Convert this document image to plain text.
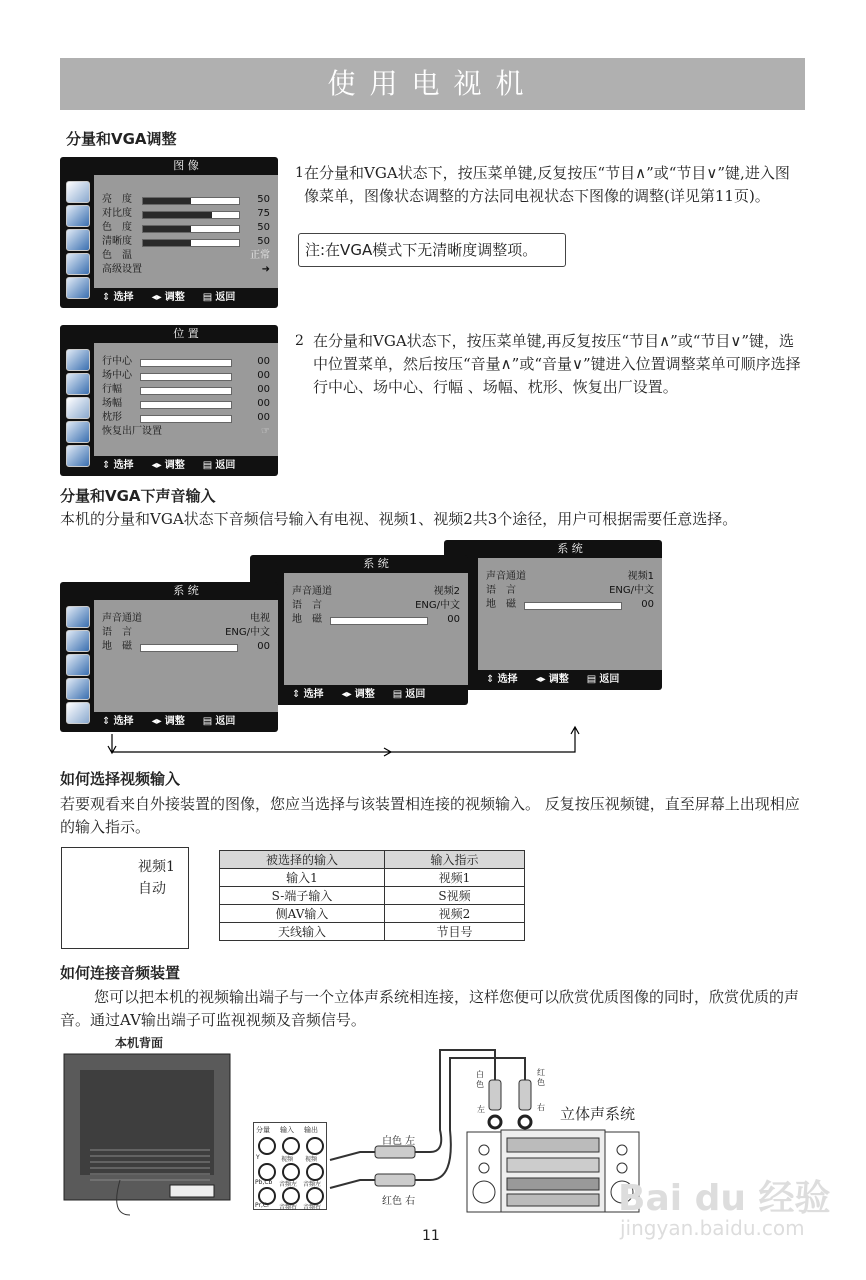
使用电视机
分量和VGA调整
图 像
亮　度	50
对比度	75
色　度	50
清晰度	50
色　温	正常
高级设置	➜
⇕ 选择 ◂▸ 调整 ▤ 返回
1 在分量和VGA状态下，按压菜单键,反复按压“节目∧”或“节目∨”键,进入图像菜单，图像状态调整的方法同电视状态下图像的调整(详见第11页)。
注:在VGA模式下无清晰度调整项。
位 置
行中心	00
场中心	00
行幅	00
场幅	00
枕形	00
恢复出厂设置	☞
⇕ 选择 ◂▸ 调整 ▤ 返回
2 在分量和VGA状态下，按压菜单键,再反复按压“节目∧”或“节目∨”键，选中位置菜单，然后按压“音量∧”或“音量∨”键进入位置调整菜单可顺序选择行中心、场中心、行幅 、场幅、枕形、恢复出厂设置。
分量和VGA下声音输入
本机的分量和VGA状态下音频信号输入有电视、视频1、视频2共3个途径，用户可根据需要任意选择。
系 统
声音通道	视频1
语　言	ENG/中文
地　磁	00
⇕ 选择 ◂▸ 调整 ▤ 返回
系 统
声音通道	视频2
语　言	ENG/中文
地　磁	00
⇕ 选择 ◂▸ 调整 ▤ 返回
系 统
声音通道	电视
语　言	ENG/中文
地　磁	00
⇕ 选择 ◂▸ 调整 ▤ 返回
如何选择视频输入
若要观看来自外接装置的图像，您应当选择与该装置相连接的视频输入。 反复按压视频键，直至屏幕上出现相应的输入指示。
视频1
自动
被选择的输入	输入指示
输入1	视频1
S-端子输入	S视频
侧AV输入	视频2
天线输入	节目号
如何连接音频装置
您可以把本机的视频输出端子与一个立体声系统相连接，这样您便可以欣赏优质图像的同时，欣赏优质的声音。通过AV输出端子可监视视频及音频信号。
本机背面
分量 输入 输出
Y	视频 视频
Pb,Cb 音频左 音频左
Pr,Cr 音频右 音频右
白色 左
红色 右
白色
左
红色
右 立体声系统
11
Bai du 经验
jingyan.baidu.com
